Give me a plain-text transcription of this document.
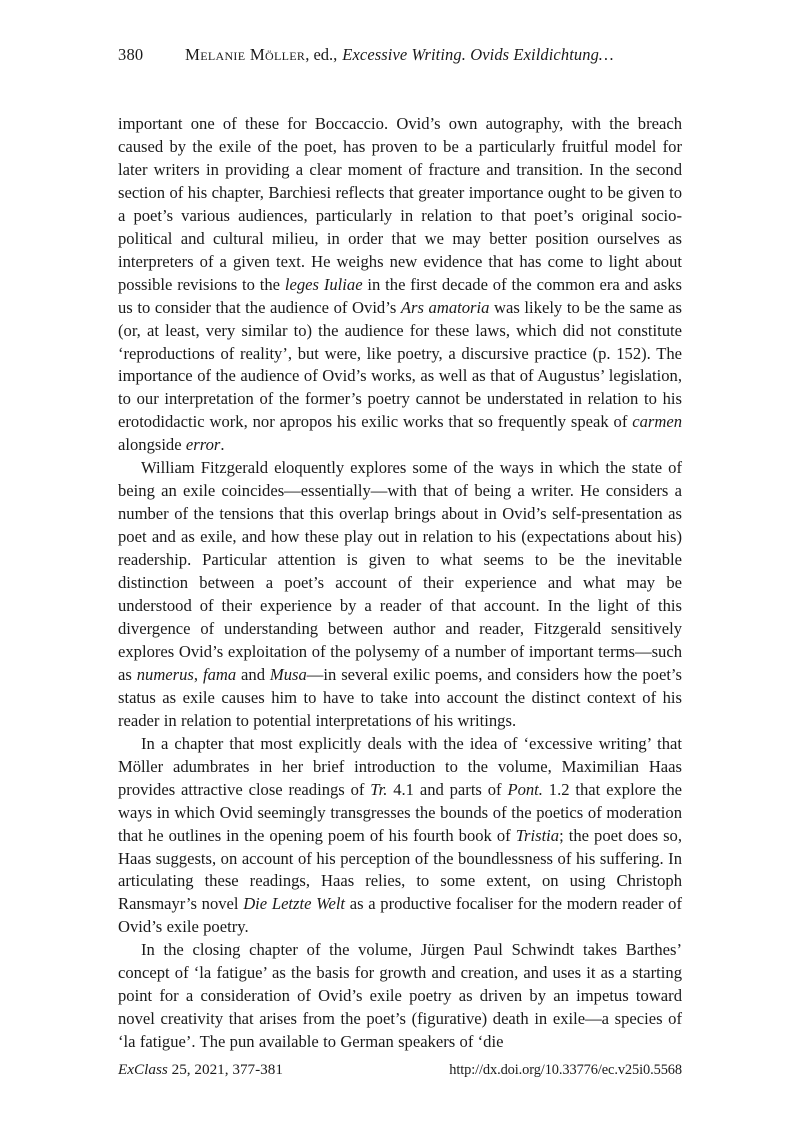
380	Melanie Möller , ed., Excessive Writing. Ovids Exildichtung…

important one of these for Boccaccio. Ovid’s own autography, with the breach caused by the exile of the poet, has proven to be a particularly fruitful model for later writers in providing a clear moment of fracture and transition. In the second section of his chapter, Barchiesi reflects that greater importance ought to be given to a poet’s various audiences, particularly in relation to that poet’s original socio-political and cultural milieu, in order that we may better position ourselves as interpreters of a given text. He weighs new evidence that has come to light about possible revisions to the leges Iuliae in the first decade of the common era and asks us to consider that the audience of Ovid’s Ars amatoria was likely to be the same as (or, at least, very similar to) the audience for these laws, which did not constitute ‘reproductions of reality’, but were, like poetry, a discursive practice (p. 152). The importance of the audience of Ovid’s works, as well as that of Augustus’ legislation, to our interpretation of the former’s poetry cannot be understated in relation to his erotodidactic work, nor apropos his exilic works that so frequently speak of carmen alongside error.

William Fitzgerald eloquently explores some of the ways in which the state of being an exile coincides—essentially—with that of being a writer. He considers a number of the tensions that this overlap brings about in Ovid’s self-presentation as poet and as exile, and how these play out in relation to his (expectations about his) readership. Particular attention is given to what seems to be the inevitable distinction between a poet’s account of their experience and what may be understood of their experience by a reader of that account. In the light of this divergence of understanding between author and reader, Fitzgerald sensitively explores Ovid’s exploitation of the polysemy of a number of important terms—such as numerus, fama and Musa—in several exilic poems, and considers how the poet’s status as exile causes him to have to take into account the distinct context of his reader in relation to potential interpretations of his writings.

In a chapter that most explicitly deals with the idea of ‘excessive writing’ that Möller adumbrates in her brief introduction to the volume, Maximilian Haas provides attractive close readings of Tr. 4.1 and parts of Pont. 1.2 that explore the ways in which Ovid seemingly transgresses the bounds of the poetics of moderation that he outlines in the opening poem of his fourth book of Tristia; the poet does so, Haas suggests, on account of his perception of the boundlessness of his suffering. In articulating these readings, Haas relies, to some extent, on using Christoph Ransmayr’s novel Die Letzte Welt as a productive focaliser for the modern reader of Ovid’s exile poetry.

In the closing chapter of the volume, Jürgen Paul Schwindt takes Barthes’ concept of ‘la fatigue’ as the basis for growth and creation, and uses it as a starting point for a consideration of Ovid’s exile poetry as driven by an impetus toward novel creativity that arises from the poet’s (figurative) death in exile—a species of ‘la fatigue’. The pun available to German speakers of ‘die

ExClass 25, 2021, 377-381	http://dx.doi.org/10.33776/ec.v25i0.5568
